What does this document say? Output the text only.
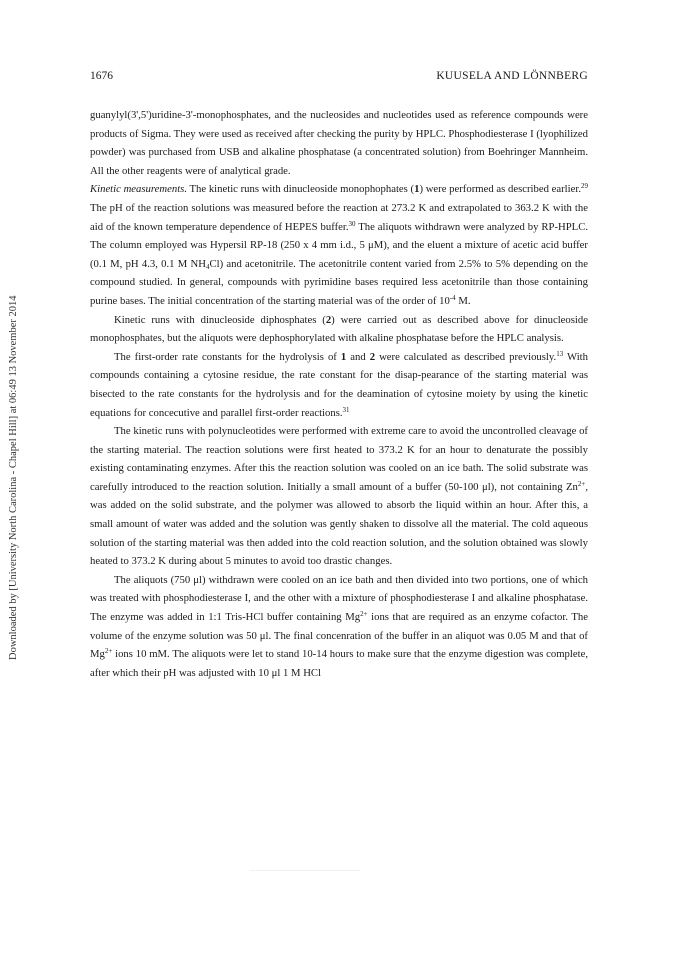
1676	KUUSELA AND LÖNNBERG
Downloaded by [University North Carolina - Chapel Hill] at 06:49 13 November 2014

guanylyl(3',5')uridine-3'-monophosphates, and the nucleosides and nucleotides used as reference compounds were products of Sigma. They were used as received after checking the purity by HPLC. Phosphodiesterase I (lyophilized powder) was purchased from USB and alkaline phosphatase (a concentrated solution) from Boehringer Mannheim. All the other reagents were of analytical grade.

Kinetic measurements. The kinetic runs with dinucleoside monophophates (1) were performed as described earlier.$^{29}$ The pH of the reaction solutions was measured before the reaction at 273.2 K and extrapolated to 363.2 K with the aid of the known temperature dependence of HEPES buffer.$^{30}$ The aliquots withdrawn were analyzed by RP-HPLC. The column employed was Hypersil RP-18 (250 x 4 mm i.d., 5 μM), and the eluent a mixture of acetic acid buffer (0.1 M, pH 4.3, 0.1 M $NH_4Cl$) and acetonitrile. The acetonitrile content varied from 2.5% to 5% depending on the compound studied. In general, compounds with pyrimidine bases required less acetonitrile than those containing purine bases. The initial concentration of the starting material was of the order of $10^{-4}$ M.

Kinetic runs with dinucleoside diphosphates (2) were carried out as described above for dinucleoside monophosphates, but the aliquots were dephosphorylated with alkaline phosphatase before the HPLC analysis.

The first-order rate constants for the hydrolysis of 1 and 2 were calculated as described previously.$^{13}$ With compounds containing a cytosine residue, the rate constant for the disap-pearance of the starting material was bisected to the rate constants for the hydrolysis and for the deamination of cytosine moiety by using the kinetic equations for concecutive and parallel first-order reactions.$^{31}$

The kinetic runs with polynucleotides were performed with extreme care to avoid the uncontrolled cleavage of the starting material. The reaction solutions were first heated to 373.2 K for an hour to denaturate the possibly existing contaminating enzymes. After this the reaction solution was cooled on an ice bath. The solid substrate was carefully introduced to the reaction solution. Initially a small amount of a buffer (50-100 μl), not containing $Zn^{2+}$, was added on the solid substrate, and the polymer was allowed to absorb the liquid within an hour. After this, a small amount of water was added and the solution was gently shaken to dissolve all the material. The cold aqueous solution of the starting material was then added into the cold reaction solution, and the solution obtained was slowly heated to 373.2 K during about 5 minutes to avoid too drastic changes.

The aliquots (750 μl) withdrawn were cooled on an ice bath and then divided into two portions, one of which was treated with phosphodiesterase I, and the other with a mixture of phosphodiesterase I and alkaline phosphatase. The enzyme was added in 1:1 Tris-HCl buffer containing $Mg^{2+}$ ions that are required as an enzyme cofactor. The volume of the enzyme solution was 50 μl. The final concenration of the buffer in an aliquot was 0.05 M and that of $Mg^{2+}$ ions 10 mM. The aliquots were let to stand 10-14 hours to make sure that the enzyme digestion was complete, after which their pH was adjusted with 10 μl 1 M HCl
